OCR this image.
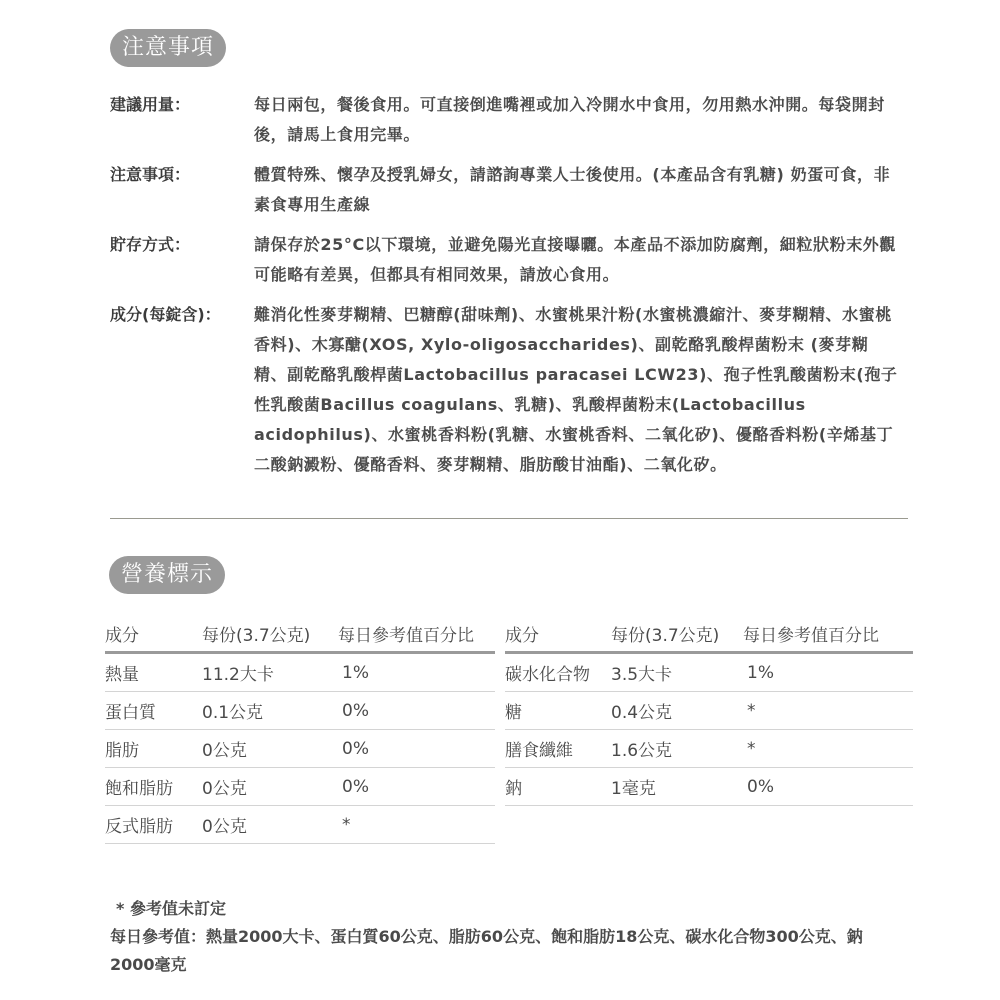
注意事項
建議用量：	每日兩包，餐後食用。可直接倒進嘴裡或加入冷開水中食用，勿用熱水沖開。每袋開封後，請馬上食用完畢。
注意事項：	體質特殊、懷孕及授乳婦女，請諮詢專業人士後使用。(本產品含有乳糖) 奶蛋可食，非素食專用生產線
貯存方式：	請保存於25°C以下環境，並避免陽光直接曝曬。本產品不添加防腐劑，細粒狀粉末外觀可能略有差異，但都具有相同效果，請放心食用。
成分(每錠含)：	難消化性麥芽糊精、巴糖醇(甜味劑)、水蜜桃果汁粉(水蜜桃濃縮汁、麥芽糊精、水蜜桃香料)、木寡醣(XOS, Xylo-oligosaccharides)、副乾酪乳酸桿菌粉末 (麥芽糊精、副乾酪乳酸桿菌Lactobacillus paracasei LCW23)、孢子性乳酸菌粉末(孢子性乳酸菌Bacillus coagulans、乳糖)、乳酸桿菌粉末(Lactobacillus acidophilus)、水蜜桃香料粉(乳糖、水蜜桃香料、二氧化矽)、優酪香料粉(辛烯基丁二酸鈉澱粉、優酪香料、麥芽糊精、脂肪酸甘油酯)、二氧化矽。
營養標示
成分	每份(3.7公克)	每日參考值百分比
熱量	11.2大卡	1%
蛋白質	0.1公克	0%
脂肪	0公克	0%
飽和脂肪	0公克	0%
反式脂肪	0公克	*
成分	每份(3.7公克)	每日參考值百分比
碳水化合物	3.5大卡	1%
糖	0.4公克	*
膳食纖維	1.6公克	*
鈉	1毫克	0%
* 參考值未訂定
每日參考值：熱量2000大卡、蛋白質60公克、脂肪60公克、飽和脂肪18公克、碳水化合物300公克、鈉 2000毫克
